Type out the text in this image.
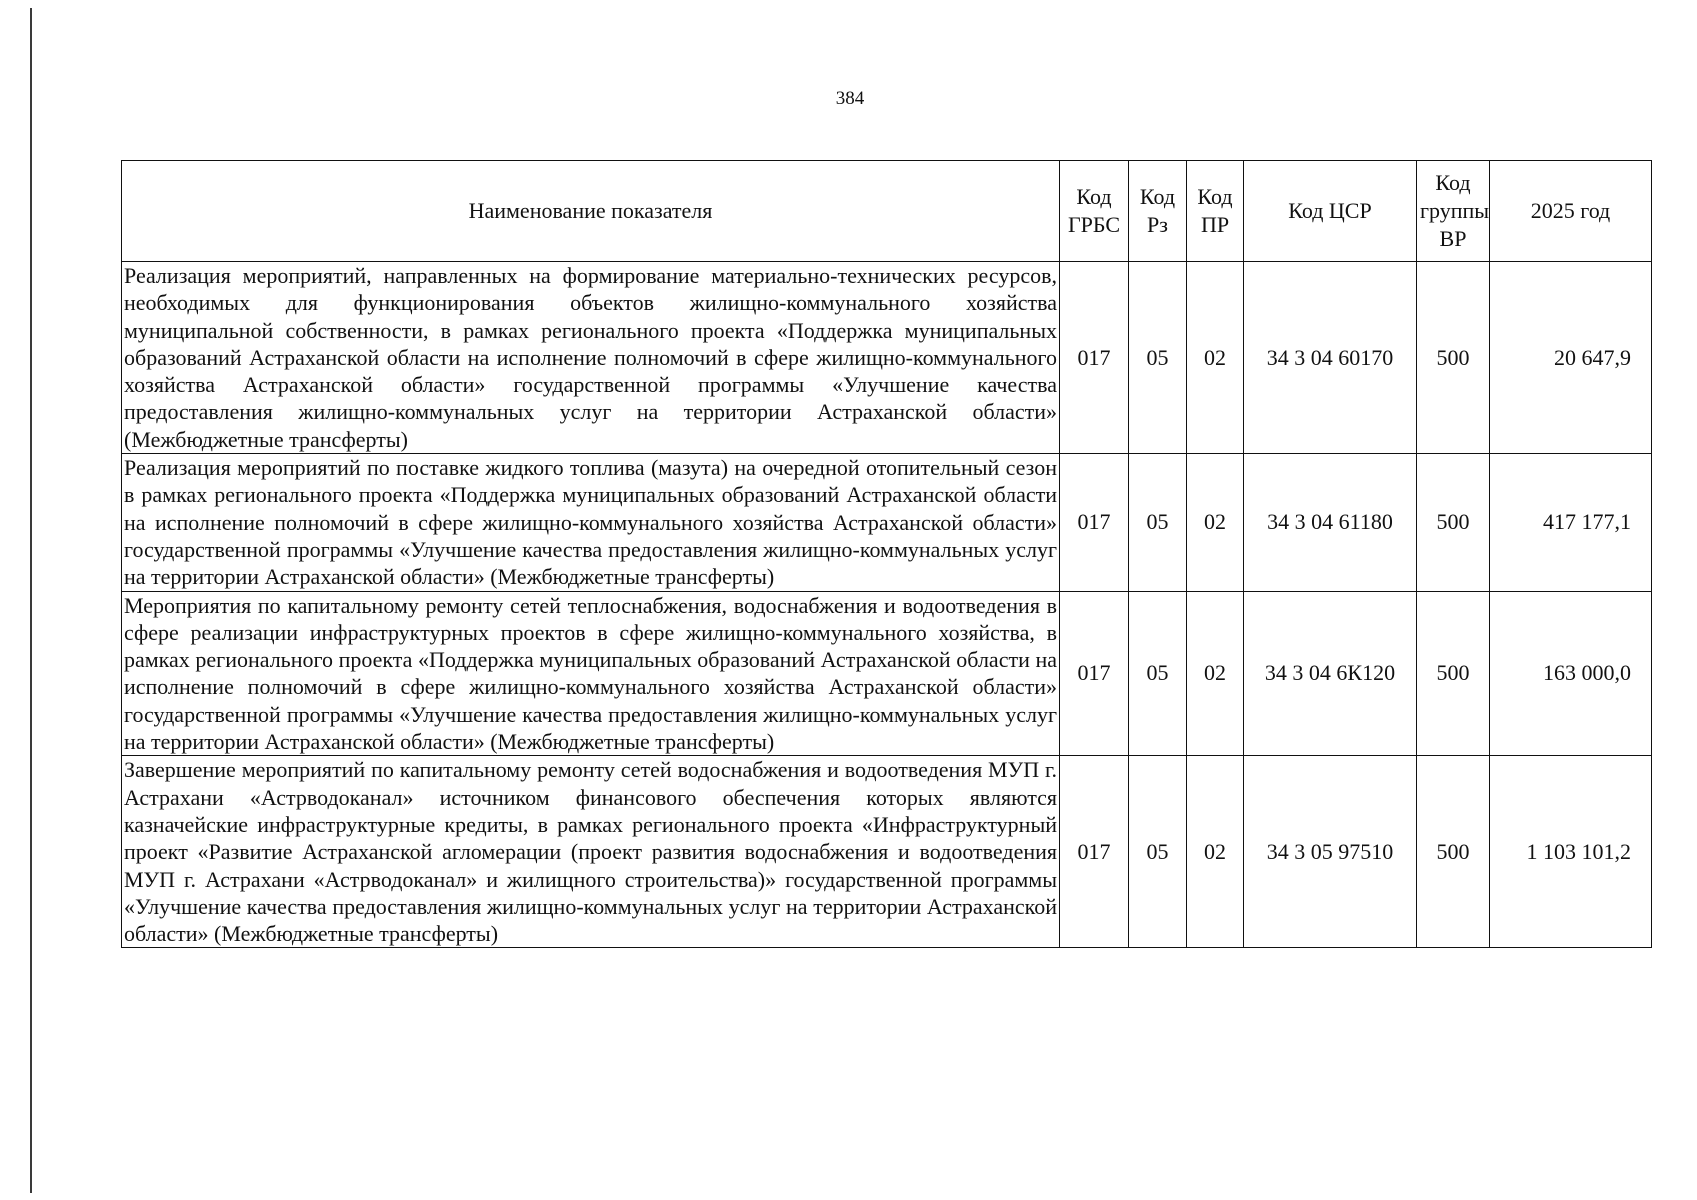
384
Наименование показателя	Код ГРБС	Код Рз	Код ПР	Код ЦСР	Код группы ВР	2025 год
Реализация мероприятий, направленных на формирование материально-технических ресурсов, необходимых для функционирования объектов жилищно-коммунального хозяйства муниципальной собственности, в рамках регионального проекта «Поддержка муниципальных образований Астраханской области на исполнение полномочий в сфере жилищно-коммунального хозяйства Астраханской области» государственной программы «Улучшение качества предоставления жилищно-коммунальных услуг на территории Астраханской области» (Межбюджетные трансферты)	017	05	02	34 3 04 60170	500	20 647,9
Реализация мероприятий по поставке жидкого топлива (мазута) на очередной отопительный сезон в рамках регионального проекта «Поддержка муниципальных образований Астраханской области на исполнение полномочий в сфере жилищно-коммунального хозяйства Астраханской области» государственной программы «Улучшение качества предоставления жилищно-коммунальных услуг на территории Астраханской области» (Межбюджетные трансферты)	017	05	02	34 3 04 61180	500	417 177,1
Мероприятия по капитальному ремонту сетей теплоснабжения, водоснабжения и водоотведения в сфере реализации инфраструктурных проектов в сфере жилищно-коммунального хозяйства, в рамках регионального проекта «Поддержка муниципальных образований Астраханской области на исполнение полномочий в сфере жилищно-коммунального хозяйства Астраханской области» государственной программы «Улучшение качества предоставления жилищно-коммунальных услуг на территории Астраханской области» (Межбюджетные трансферты)	017	05	02	34 3 04 6К120	500	163 000,0
Завершение мероприятий по капитальному ремонту сетей водоснабжения и водоотведения МУП г. Астрахани «Астрводоканал» источником финансового обеспечения которых являются казначейские инфраструктурные кредиты, в рамках регионального проекта «Инфраструктурный проект «Развитие Астраханской агломерации (проект развития водоснабжения и водоотведения МУП г. Астрахани «Астрводоканал» и жилищного строительства)» государственной программы «Улучшение качества предоставления жилищно-коммунальных услуг на территории Астраханской области» (Межбюджетные трансферты)	017	05	02	34 3 05 97510	500	1 103 101,2
